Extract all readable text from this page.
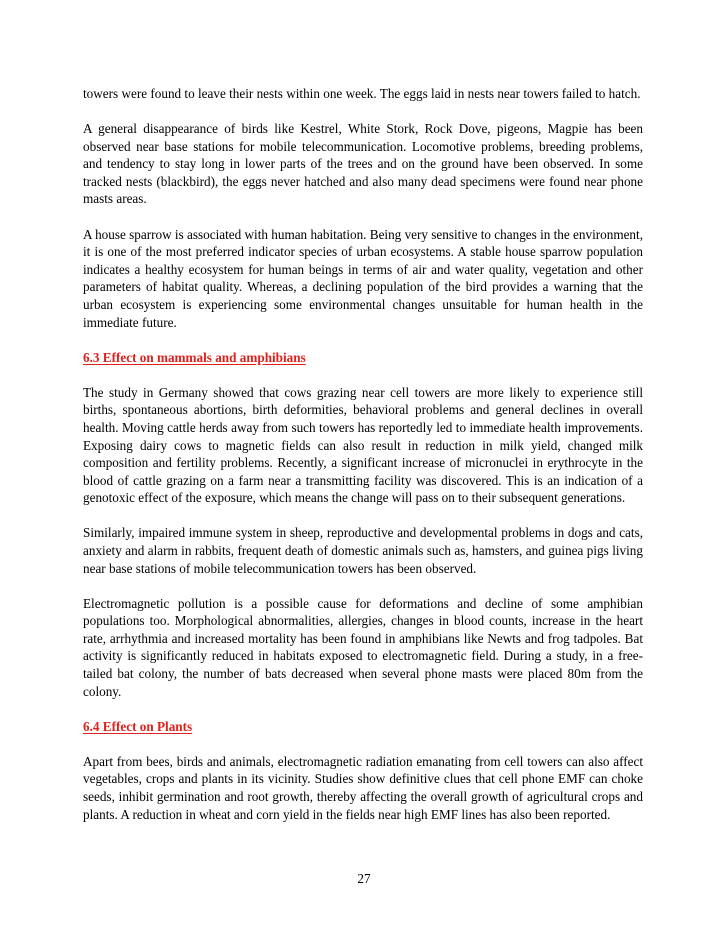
towers were found to leave their nests within one week. The eggs laid in nests near towers failed to hatch.

A general disappearance of birds like Kestrel, White Stork, Rock Dove, pigeons, Magpie has been observed near base stations for mobile telecommunication. Locomotive problems, breeding problems, and tendency to stay long in lower parts of the trees and on the ground have been observed. In some tracked nests (blackbird), the eggs never hatched and also many dead specimens were found near phone masts areas.

A house sparrow is associated with human habitation. Being very sensitive to changes in the environment, it is one of the most preferred indicator species of urban ecosystems. A stable house sparrow population indicates a healthy ecosystem for human beings in terms of air and water quality, vegetation and other parameters of habitat quality. Whereas, a declining population of the bird provides a warning that the urban ecosystem is experiencing some environmental changes unsuitable for human health in the immediate future.

6.3 Effect on mammals and amphibians

The study in Germany showed that cows grazing near cell towers are more likely to experience still births, spontaneous abortions, birth deformities, behavioral problems and general declines in overall health. Moving cattle herds away from such towers has reportedly led to immediate health improvements. Exposing dairy cows to magnetic fields can also result in reduction in milk yield, changed milk composition and fertility problems. Recently, a significant increase of micronuclei in erythrocyte in the blood of cattle grazing on a farm near a transmitting facility was discovered. This is an indication of a genotoxic effect of the exposure, which means the change will pass on to their subsequent generations.

Similarly, impaired immune system in sheep, reproductive and developmental problems in dogs and cats, anxiety and alarm in rabbits, frequent death of domestic animals such as, hamsters, and guinea pigs living near base stations of mobile telecommunication towers has been observed.

Electromagnetic pollution is a possible cause for deformations and decline of some amphibian populations too. Morphological abnormalities, allergies, changes in blood counts, increase in the heart rate, arrhythmia and increased mortality has been found in amphibians like Newts and frog tadpoles. Bat activity is significantly reduced in habitats exposed to electromagnetic field. During a study, in a free-tailed bat colony, the number of bats decreased when several phone masts were placed 80m from the colony.

6.4 Effect on Plants

Apart from bees, birds and animals, electromagnetic radiation emanating from cell towers can also affect vegetables, crops and plants in its vicinity. Studies show definitive clues that cell phone EMF can choke seeds, inhibit germination and root growth, thereby affecting the overall growth of agricultural crops and plants. A reduction in wheat and corn yield in the fields near high EMF lines has also been reported.

27
